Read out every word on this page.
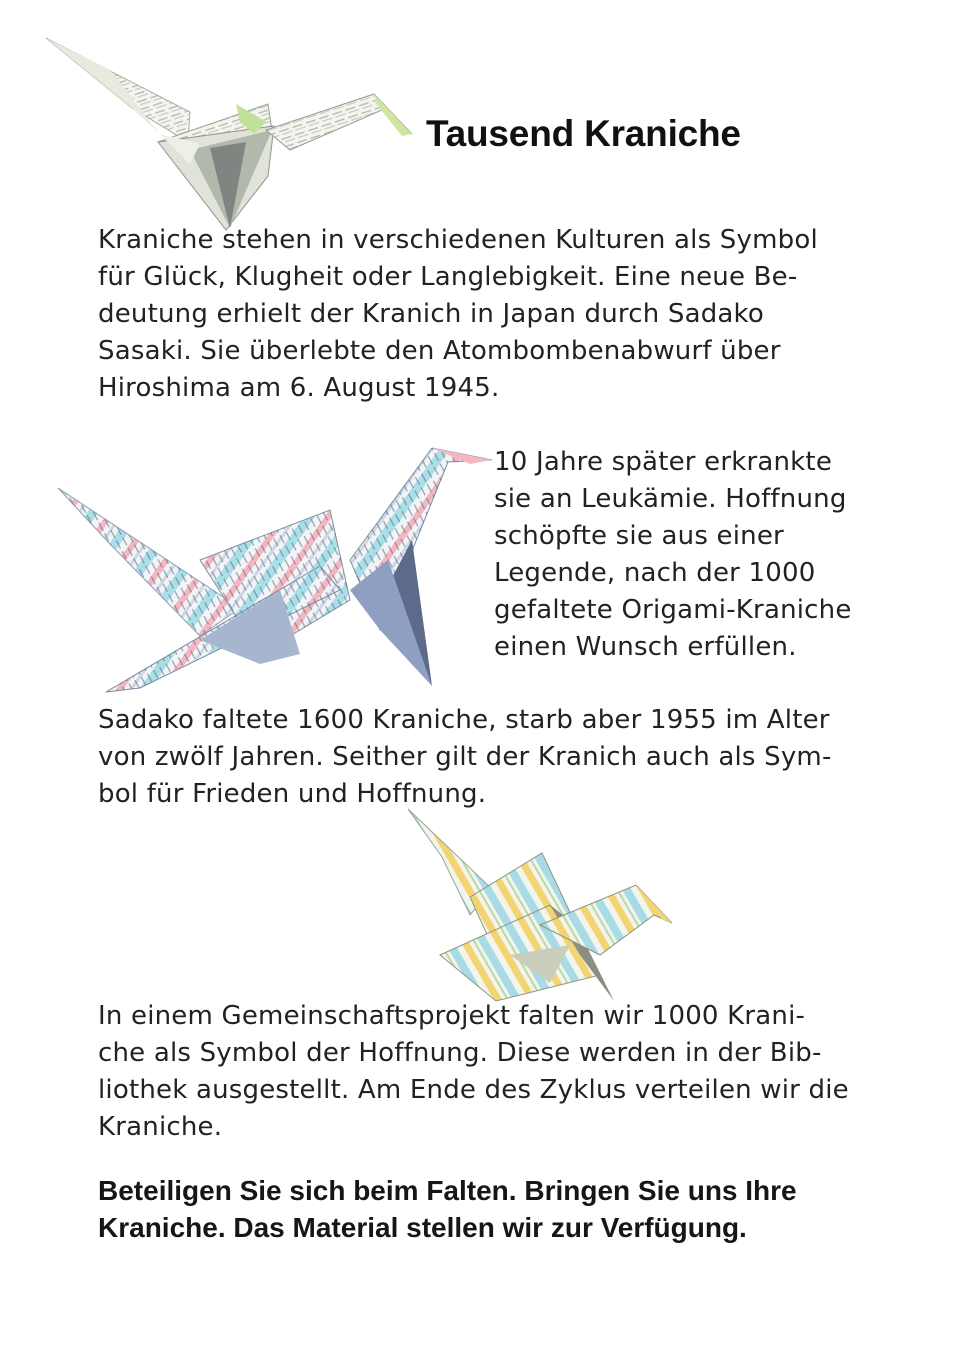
Tausend Kraniche

Kraniche stehen in verschiedenen Kulturen als Symbol
für Glück, Klugheit oder Langlebigkeit. Eine neue Be-
deutung erhielt der Kranich in Japan durch Sadako
Sasaki. Sie überlebte den Atombombenabwurf über
Hiroshima am 6. August 1945.

10 Jahre später erkrankte
sie an Leukämie. Hoffnung
schöpfte sie aus einer
Legende, nach der 1000
gefaltete Origami-Kraniche
einen Wunsch erfüllen.

Sadako faltete 1600 Kraniche, starb aber 1955 im Alter
von zwölf Jahren. Seither gilt der Kranich auch als Sym-
bol für Frieden und Hoffnung.

In einem Gemeinschaftsprojekt falten wir 1000 Krani-
che als Symbol der Hoffnung. Diese werden in der Bib-
liothek ausgestellt. Am Ende des Zyklus verteilen wir die
Kraniche.

Beteiligen Sie sich beim Falten. Bringen Sie uns Ihre
Kraniche. Das Material stellen wir zur Verfügung.
